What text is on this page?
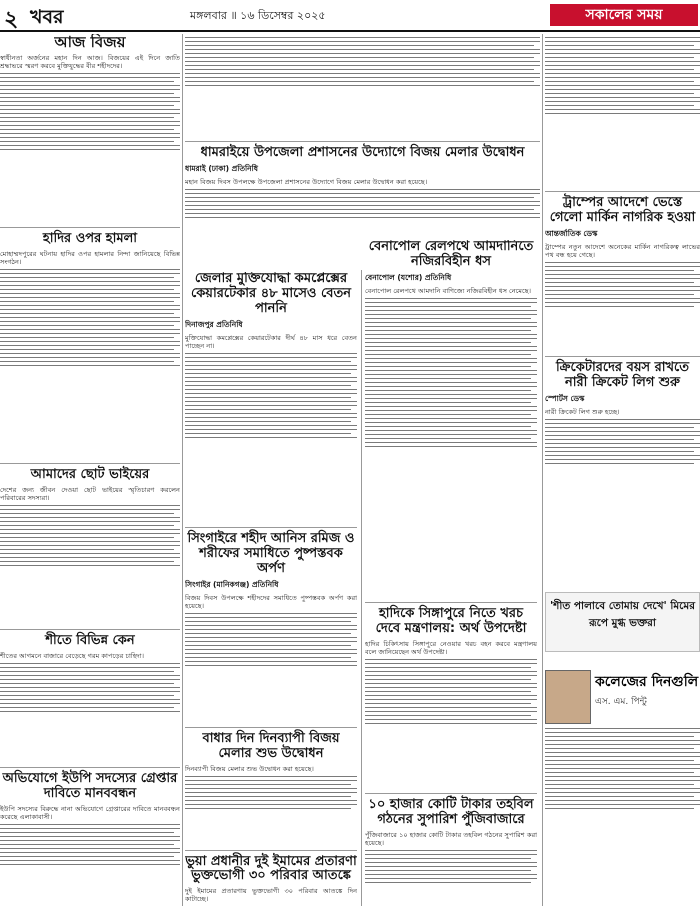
২ খবর	মঙ্গলবার ॥ ১৬ ডিসেম্বর ২০২৫	সকালের সময়
আজ বিজয়

স্বাধীনতা অর্জনের মহান দিন আজ। বিজয়ের এই দিনে জাতি শ্রদ্ধাভরে স্মরণ করবে মুক্তিযুদ্ধের বীর শহীদদের।

হাদির ওপর হামলা

মোহাম্মদপুরের ঘটনায় হাদির ওপর হামলার নিন্দা জানিয়েছে বিভিন্ন সংগঠন।

আমাদের ছোট ভাইয়ের

দেশের জন্য জীবন দেওয়া ছোট ভাইয়ের স্মৃতিচারণ করলেন পরিবারের সদস্যরা।

শীতে বিভিন্ন কেন

শীতের আগমনে বাজারে বেড়েছে গরম কাপড়ের চাহিদা।

অভিযোগে ইউপি সদস্যের গ্রেপ্তার দাবিতে মানববন্ধন

ইউপি সদস্যের বিরুদ্ধে নানা অভিযোগে গ্রেপ্তারের দাবিতে মানববন্ধন করেছে এলাকাবাসী।

ধামরাইয়ে উপজেলা প্রশাসনের উদ্যোগে বিজয় মেলার উদ্বোধন
ধামরাই (ঢাকা) প্রতিনিধি

মহান বিজয় দিবস উপলক্ষে উপজেলা প্রশাসনের উদ্যোগে বিজয় মেলার উদ্বোধন করা হয়েছে।

জেলার মুক্তিযোদ্ধা কমপ্লেক্সের কেয়ারটেকার ৪৮ মাসেও বেতন পাননি
দিনাজপুর প্রতিনিধি

মুক্তিযোদ্ধা কমপ্লেক্সের কেয়ারটেকার দীর্ঘ ৪৮ মাস ধরে বেতন পাচ্ছেন না।

সিংগাইরে শহীদ আনিস রমিজ ও শরীফের সমাধিতে পুষ্পস্তবক অর্পণ
সিংগাইর (মানিকগঞ্জ) প্রতিনিধি

বিজয় দিবস উপলক্ষে শহীদদের সমাধিতে পুষ্পস্তবক অর্পণ করা হয়েছে।

বাধার দিন দিনব্যাপী বিজয় মেলার শুভ উদ্বোধন

দিনব্যাপী বিজয় মেলার শুভ উদ্বোধন করা হয়েছে।

ভুয়া প্রধানীর দুই ইমামের প্রতারণা ভুক্তভোগী ৩০ পরিবার আতঙ্কে

দুই ইমামের প্রতারণায় ভুক্তভোগী ৩০ পরিবার আতঙ্কে দিন কাটাচ্ছে।

বেনাপোল রেলপথে আমদানিতে নজিরবিহীন ধস
বেনাপোল (যশোর) প্রতিনিধি

বেনাপোল রেলপথে আমদানি বাণিজ্যে নজিরবিহীন ধস নেমেছে।

হাদিকে সিঙ্গাপুরে নিতে খরচ দেবে মন্ত্রণালয়: অর্থ উপদেষ্টা

হাদির চিকিৎসায় সিঙ্গাপুরে নেওয়ার খরচ বহন করবে মন্ত্রণালয় বলে জানিয়েছেন অর্থ উপদেষ্টা।

১০ হাজার কোটি টাকার তহবিল গঠনের সুপারিশ পুঁজিবাজারে

পুঁজিবাজারে ১০ হাজার কোটি টাকার তহবিল গঠনের সুপারিশ করা হয়েছে।

ট্রাম্পের আদেশে ভেস্তে গেলো মার্কিন নাগরিক হওয়া
আন্তর্জাতিক ডেস্ক

ট্রাম্পের নতুন আদেশে অনেকের মার্কিন নাগরিকত্ব লাভের পথ বন্ধ হয়ে গেছে।

ক্রিকেটারদের বয়স রাখতে নারী ক্রিকেট লিগ শুরু
স্পোর্টস ডেস্ক

নারী ক্রিকেট লিগ শুরু হচ্ছে।

'শীত পালাবে তোমায় দেখে' মিমের রূপে মুগ্ধ ভক্তরা
কলেজের দিনগুলি
এস. এম. পিন্টু
